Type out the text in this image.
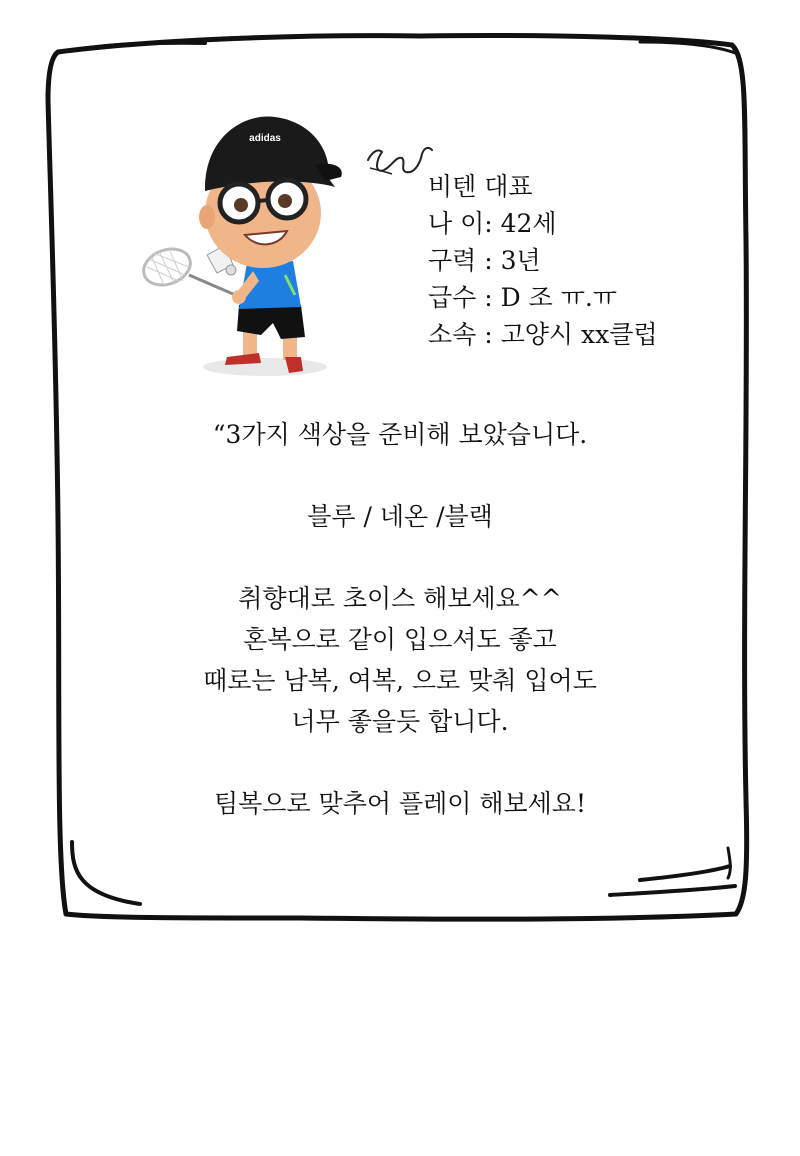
adidas
비텐 대표
나 이: 42세
구력 : 3년
급수 : D 조 ㅠ.ㅠ
소속 : 고양시 xx클럽
“3가지 색상을 준비해 보았습니다.
블루 / 네온 /블랙
취향대로 초이스 해보세요^^
혼복으로 같이 입으셔도 좋고
때로는 남복, 여복, 으로 맞춰 입어도
너무 좋을듯 합니다.
팀복으로 맞추어 플레이 해보세요!
